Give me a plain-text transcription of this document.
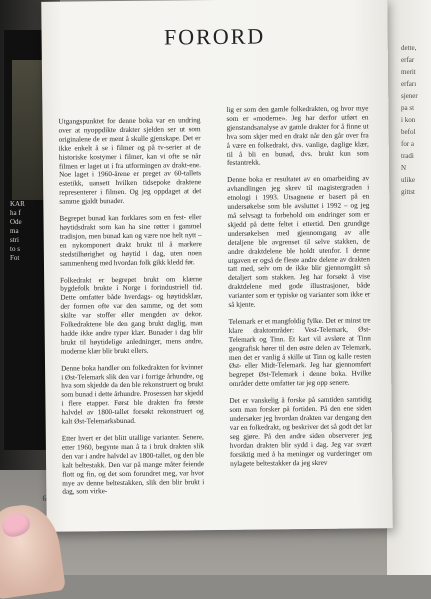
KAR
ha f
Ode
ma
stri
to s
Fot
dette,
erfar
merit
erfarı
sjener
pa st
i kon
befol
for a
tradi
N
ulike
gittst
FORORD

Utgangspunktet for denne boka var en undring over at nyoppdikte drakter sjelden ser ut som originalene de er ment å skulle gjenskape. Det er ikke enkelt å se i filmer og på tv-serier at de historiske kostymer i filmer, kan vi ofte se når filmen er laget ut i fra utformingen av drakt-ene. Noe laget i 1960-årene er preget av 60-tallets estetikk, uansett hvilken tidsepoke draktene representerer i filmen. Og jeg oppdaget at det samme gjaldt bunader.

Begrepet bunad kan forklares som en fest- eller høytidsdrakt som kan ha sine røtter i gammel tradisjon, men bunad kan og være noe helt nytt – en nykomponert drakt brukt til å markere stedstilhørighet og høytid i dag, uten noen sammenheng med hvordan folk gikk kledd før.

Folkedrakt er begrepet brukt om klærne bygdefolk brukte i Norge i forindustriell tid. Dette omfatter både hverdags- og høytidsklær, der formen ofte var den samme, og det som skilte var stoffer eller mengden av dekor. Folkedraktene ble den gang brukt daglig, man hadde ikke andre typer klær. Bunader i dag blir brukt til høytidelige anledninger, mens andre, moderne klær blir brukt ellers.

Denne boka handler om folkedrakten for kvinner i Øst-Telemark slik den var i forrige århundre, og hva som skjedde da den ble rekonstruert og brukt som bunad i dette århundre. Prosessen har skjedd i flere etapper. Først ble drakten fra første halvdel av 1800-tallet forsøkt rekonstruert og kalt Øst-Telemarksbunad.

Etter hvert er det blitt utallige varianter. Senere, etter 1960, begynte man å ta i bruk drakten slik den var i andre halvdel av 1800-tallet, og den ble kalt beltestakk. Den var på mange måter feiende flott og fin, og det som forundret meg, var hvor mye av denne beltestakken, slik den blir brukt i dag, som virke-

lig er som den gamle folkedrakten, og hvor mye som er «moderne». Jeg har derfor utført en gjenstandsanalyse av gamle drakter for å finne ut hva som skjer med en drakt når den går over fra å være en folkedrakt, dvs. vanlige, daglige klær, til å bli en bunad, dvs. brukt kun som festantrekk.

Denne boka er resultatet av en omarbeiding av avhandlingen jeg skrev til magistergraden i etnologi i 1993. Utsagnene er basert på en undersøkelse som ble avsluttet i 1992 – og jeg må selvsagt ta forbehold om endringer som er skjedd på dette feltet i ettertid. Den grundige undersøkelsen med gjennomgang av alle detaljene ble avgrenset til selve stakken, de andre draktdelene ble holdt utenfor. I denne utgaven er også de fleste andre delene av drakten tatt med, selv om de ikke blir gjennomgått så detaljert som stakken. Jeg har forsøkt å vise draktdelene med gode illustrasjoner, både varianter som er typiske og varianter som ikke er så kjente.

Telemark er et mangfoldig fylke. Det er minst tre klare draktområder: Vest-Telemark, Øst-Telemark og Tinn. Et kart vil avsløre at Tinn geografisk hører til den østre delen av Telemark, men det er vanlig å skille ut Tinn og kalle resten Øst- eller Midt-Telemark. Jeg har gjennomført begrepet Øst-Telemark i denne boka. Hvilke områder dette omfatter tar jeg opp senere.

Det er vanskelig å forske på samtiden samtidig som man forsker på fortiden. På den ene siden undersøker jeg hvordan drakten var dengang den var en folkedrakt, og beskriver det så godt det lar seg gjøre. På den andre siden observerer jeg hvordan drakten blir sydd i dag. Jeg var svært forsiktig med å ha meninger og vurderinger om nylagete beltestakker da jeg skrev

6
